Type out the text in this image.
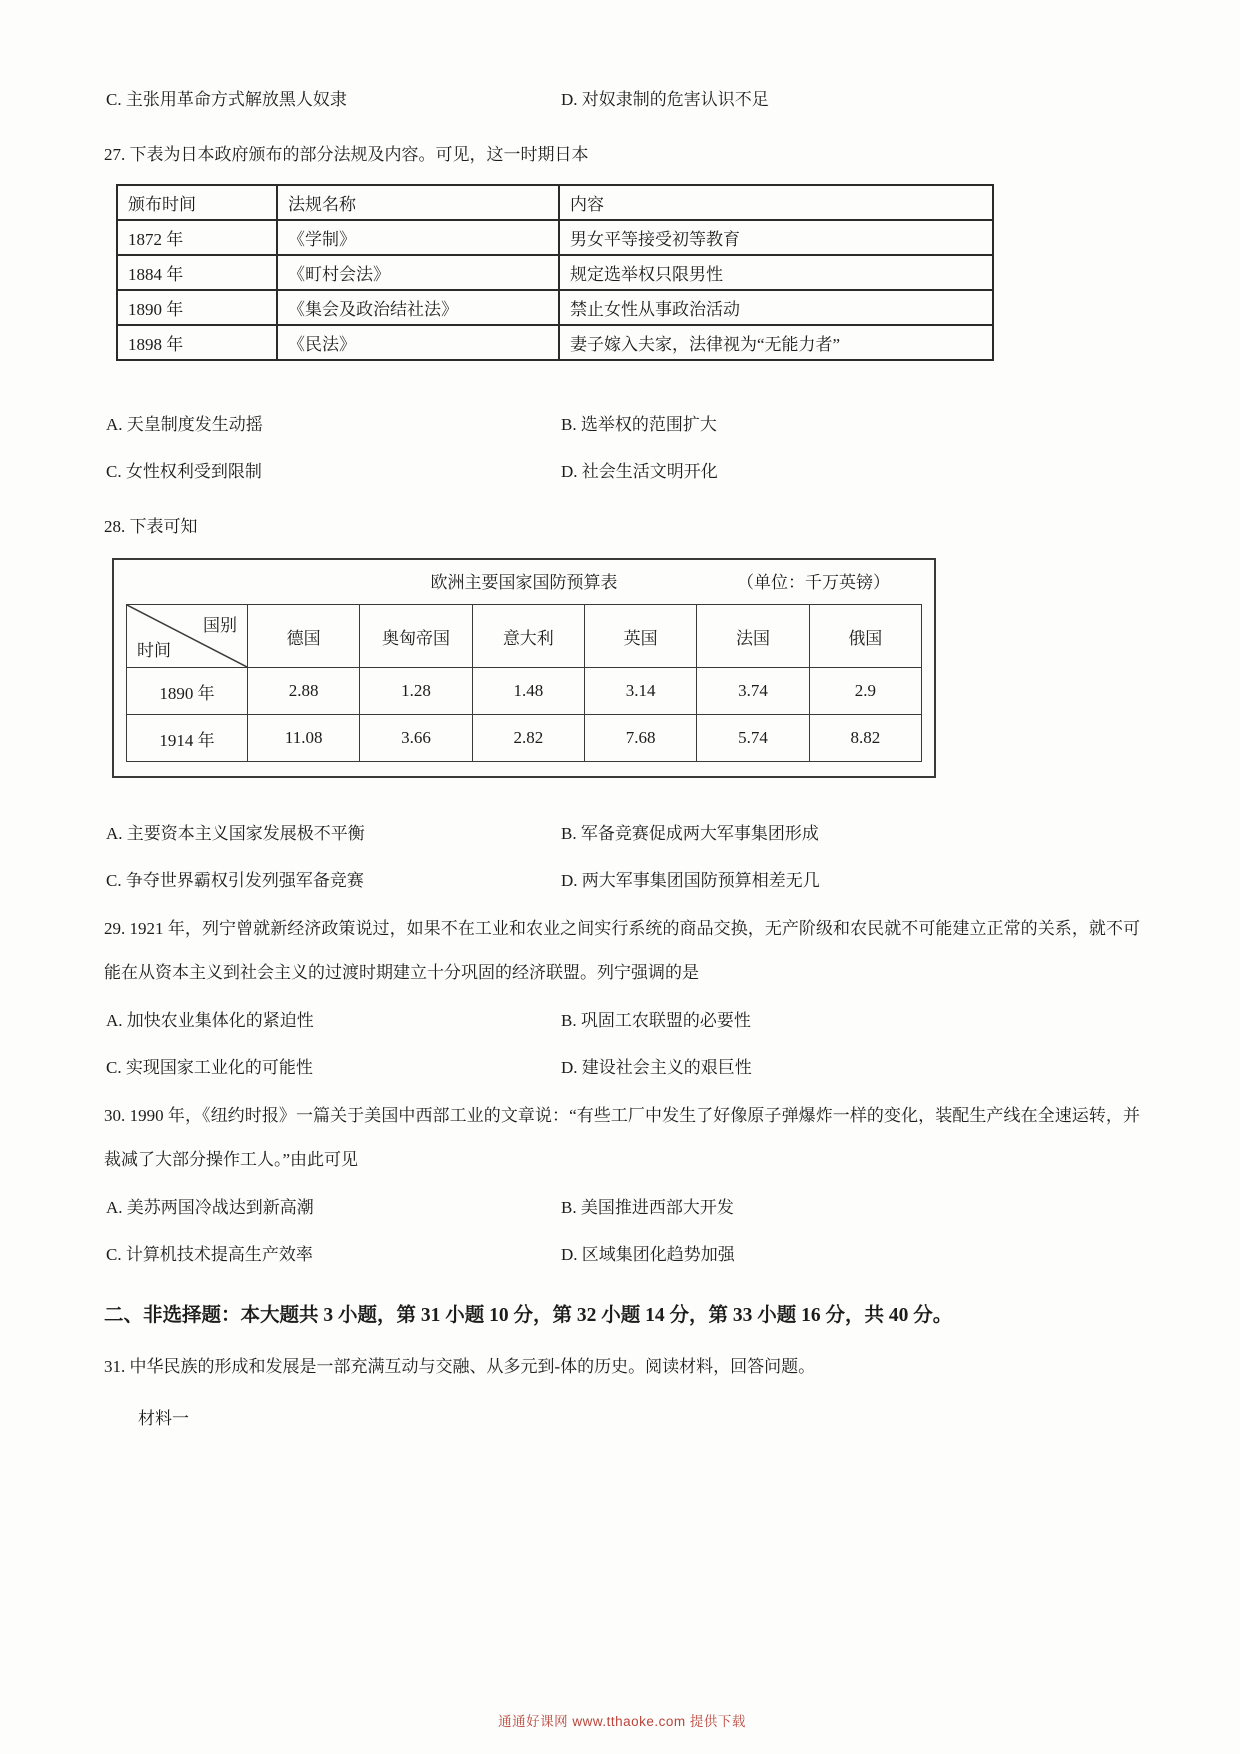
C. 主张用革命方式解放黑人奴隶	D. 对奴隶制的危害认识不足

27. 下表为日本政府颁布的部分法规及内容。可见，这一时期日本

颁布时间	法规名称	内容
1872 年	《学制》	男女平等接受初等教育
1884 年	《町村会法》	规定选举权只限男性
1890 年	《集会及政治结社法》	禁止女性从事政治活动
1898 年	《民法》	妻子嫁入夫家，法律视为“无能力者”
A. 天皇制度发生动摇	B. 选举权的范围扩大
C. 女性权利受到限制	D. 社会生活文明开化

28. 下表可知

欧洲主要国家国防预算表	（单位：千万英镑）
国别
时间	德国	奥匈帝国	意大利	英国	法国	俄国
1890 年	2.88	1.28	1.48	3.14	3.74	2.9
1914 年	11.08	3.66	2.82	7.68	5.74	8.82
A. 主要资本主义国家发展极不平衡	B. 军备竞赛促成两大军事集团形成
C. 争夺世界霸权引发列强军备竞赛	D. 两大军事集团国防预算相差无几

29. 1921 年，列宁曾就新经济政策说过，如果不在工业和农业之间实行系统的商品交换，无产阶级和农民就不可能建立正常的关系，就不可能在从资本主义到社会主义的过渡时期建立十分巩固的经济联盟。列宁强调的是

A. 加快农业集体化的紧迫性	B. 巩固工农联盟的必要性
C. 实现国家工业化的可能性	D. 建设社会主义的艰巨性

30. 1990 年，《纽约时报》一篇关于美国中西部工业的文章说：“有些工厂中发生了好像原子弹爆炸一样的变化，装配生产线在全速运转，并裁减了大部分操作工人。”由此可见

A. 美苏两国冷战达到新高潮	B. 美国推进西部大开发
C. 计算机技术提高生产效率	D. 区域集团化趋势加强

二、非选择题：本大题共 3 小题，第 31 小题 10 分，第 32 小题 14 分，第 33 小题 16 分，共 40 分。

31. 中华民族的形成和发展是一部充满互动与交融、从多元到-体的历史。阅读材料，回答问题。

材料一

通通好课网 www.tthaoke.com 提供下载
